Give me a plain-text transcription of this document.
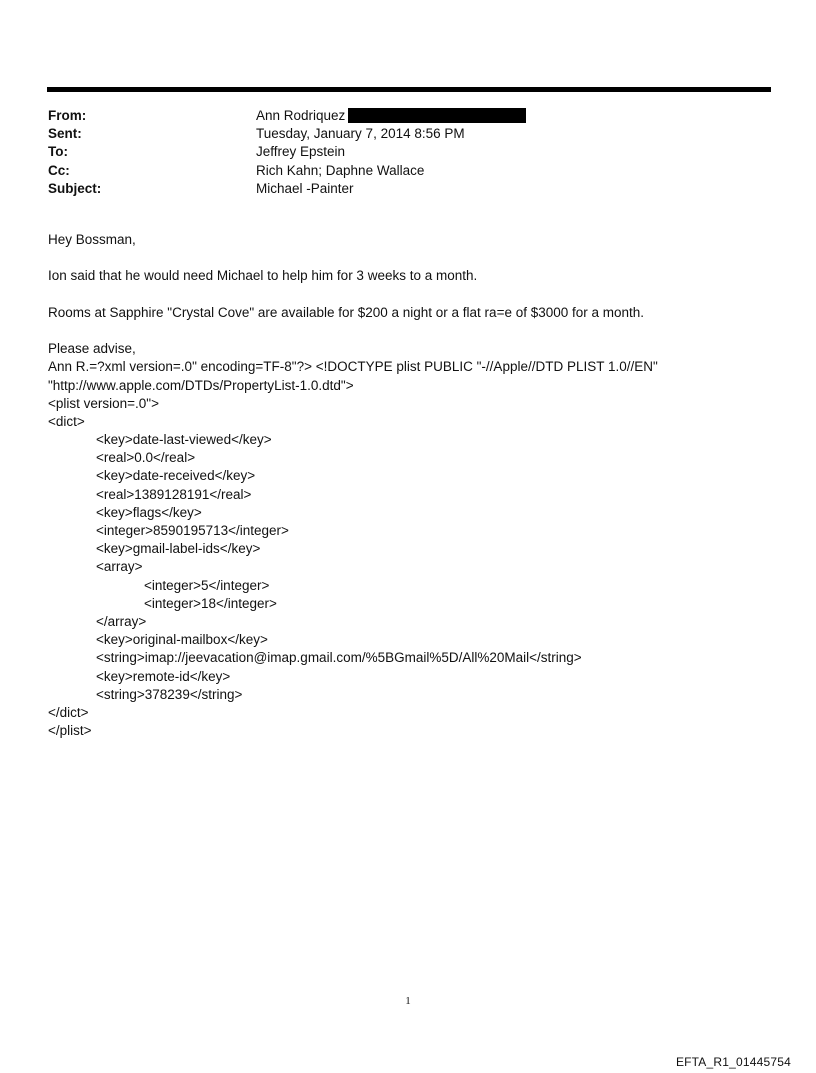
From:	Ann Rodriquez
Sent:	Tuesday, January 7, 2014 8:56 PM
To:	Jeffrey Epstein
Cc:	Rich Kahn; Daphne Wallace
Subject:	Michael -Painter
Hey Bossman,
Ion said that he would need Michael to help him for 3 weeks to a month.
Rooms at Sapphire "Crystal Cove" are available for $200 a night or a flat ra=e of $3000 for a month.
Please advise,
Ann R.=?xml version=.0" encoding=TF-8"?> <!DOCTYPE plist PUBLIC "-//Apple//DTD PLIST 1.0//EN"
"http://www.apple.com/DTDs/PropertyList-1.0.dtd">
<plist version=.0">
<dict>
<key>date-last-viewed</key>
<real>0.0</real>
<key>date-received</key>
<real>1389128191</real>
<key>flags</key>
<integer>8590195713</integer>
<key>gmail-label-ids</key>
<array>
<integer>5</integer>
<integer>18</integer>
</array>
<key>original-mailbox</key>
<string>imap://jeevacation@imap.gmail.com/%5BGmail%5D/All%20Mail</string>
<key>remote-id</key>
<string>378239</string>
</dict>
</plist>
1
EFTA_R1_01445754
